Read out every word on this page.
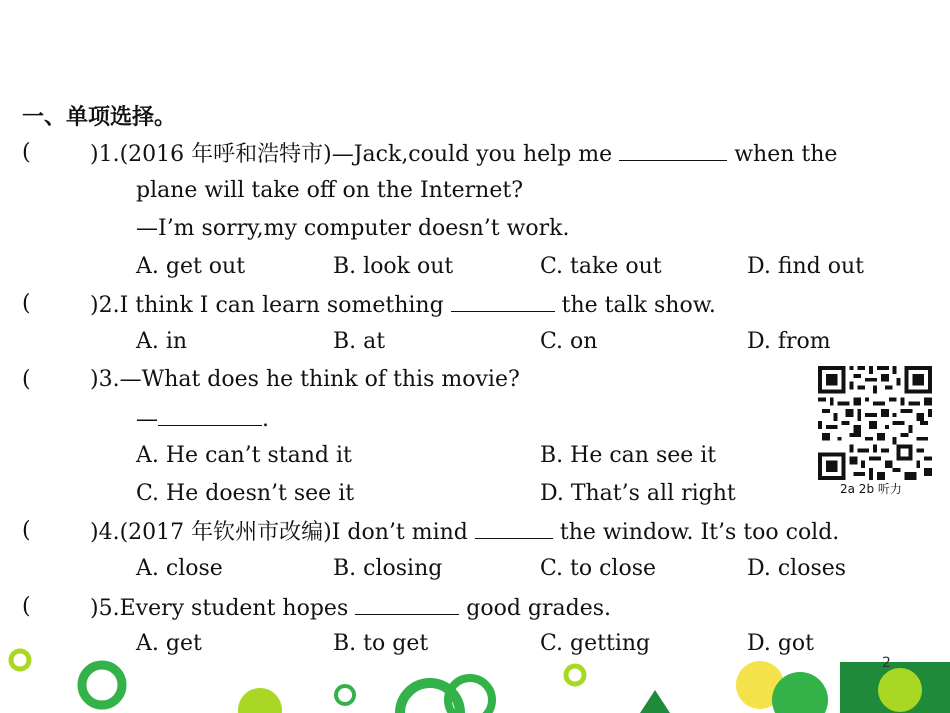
一、单项选择。
(	)1.(2016 年呼和浩特市)—Jack,could you help me	when the
plane will take off on the Internet?
—I’m sorry,my computer doesn’t work.
A. get out	B. look out	C. take out	D. find out
(	)2.I think I can learn something	the talk show.
A. in	B. at	C. on	D. from
(	)3.—What does he think of this movie?
—	.
A. He can’t stand it	B. He can see it
C. He doesn’t see it	D. That’s all right	2a 2b 听力
(	)4.(2017 年钦州市改编)I don’t mind	the window. It’s too cold.
A. close	B. closing	C. to close	D. closes
(	)5.Every student hopes	good grades.
A. get	B. to get	C. getting	D. got
2
